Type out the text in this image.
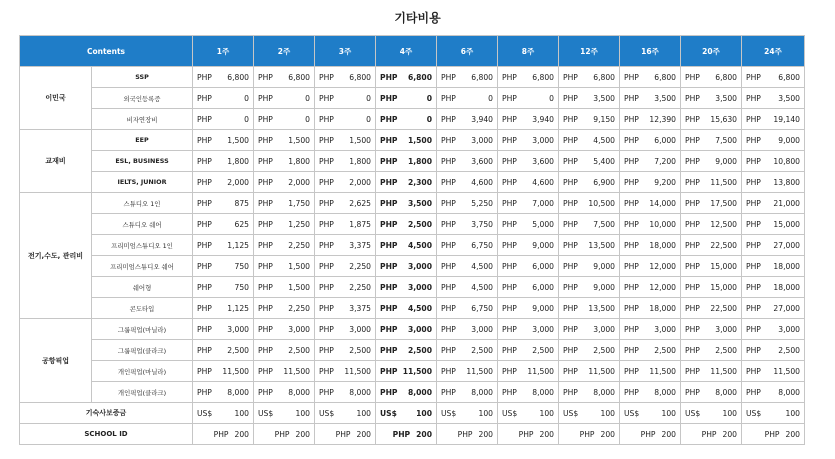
기타비용
Contents		1주	2주	3주	4주	6주	8주	12주	16주	20주	24주
이민국	SSP	PHP 6,800	PHP 6,800	PHP 6,800	PHP 6,800	PHP 6,800	PHP 6,800	PHP 6,800	PHP 6,800	PHP 6,800	PHP 6,800

	외국인등록증	PHP 0	PHP 0	PHP 0	PHP 0	PHP 0	PHP 0	PHP 3,500	PHP 3,500	PHP 3,500	PHP 3,500

	비자연장비	PHP 0	PHP 0	PHP 0	PHP 0	PHP 3,940	PHP 3,940	PHP 9,150	PHP 12,390	PHP 15,630	PHP 19,140

교재비	EEP	PHP 1,500	PHP 1,500	PHP 1,500	PHP 1,500	PHP 3,000	PHP 3,000	PHP 4,500	PHP 6,000	PHP 7,500	PHP 9,000

	ESL, BUSINESS	PHP 1,800	PHP 1,800	PHP 1,800	PHP 1,800	PHP 3,600	PHP 3,600	PHP 5,400	PHP 7,200	PHP 9,000	PHP 10,800

	IELTS, JUNIOR	PHP 2,000	PHP 2,000	PHP 2,000	PHP 2,300	PHP 4,600	PHP 4,600	PHP 6,900	PHP 9,200	PHP 11,500	PHP 13,800

전기,수도, 관리비	스튜디오 1인	PHP 875	PHP 1,750	PHP 2,625	PHP 3,500	PHP 5,250	PHP 7,000	PHP 10,500	PHP 14,000	PHP 17,500	PHP 21,000

	스튜디오 쉐어	PHP 625	PHP 1,250	PHP 1,875	PHP 2,500	PHP 3,750	PHP 5,000	PHP 7,500	PHP 10,000	PHP 12,500	PHP 15,000

	프리미엄스튜디오 1인	PHP 1,125	PHP 2,250	PHP 3,375	PHP 4,500	PHP 6,750	PHP 9,000	PHP 13,500	PHP 18,000	PHP 22,500	PHP 27,000

	프리미엄스튜디오 쉐어	PHP 750	PHP 1,500	PHP 2,250	PHP 3,000	PHP 4,500	PHP 6,000	PHP 9,000	PHP 12,000	PHP 15,000	PHP 18,000

	쉐어형	PHP 750	PHP 1,500	PHP 2,250	PHP 3,000	PHP 4,500	PHP 6,000	PHP 9,000	PHP 12,000	PHP 15,000	PHP 18,000

	콘도타입	PHP 1,125	PHP 2,250	PHP 3,375	PHP 4,500	PHP 6,750	PHP 9,000	PHP 13,500	PHP 18,000	PHP 22,500	PHP 27,000

공항픽업	그룹픽업(마닐라)	PHP 3,000	PHP 3,000	PHP 3,000	PHP 3,000	PHP 3,000	PHP 3,000	PHP 3,000	PHP 3,000	PHP 3,000	PHP 3,000

	그룹픽업(클라크)	PHP 2,500	PHP 2,500	PHP 2,500	PHP 2,500	PHP 2,500	PHP 2,500	PHP 2,500	PHP 2,500	PHP 2,500	PHP 2,500

	개인픽업(마닐라)	PHP 11,500	PHP 11,500	PHP 11,500	PHP 11,500	PHP 11,500	PHP 11,500	PHP 11,500	PHP 11,500	PHP 11,500	PHP 11,500

	개인픽업(클라크)	PHP 8,000	PHP 8,000	PHP 8,000	PHP 8,000	PHP 8,000	PHP 8,000	PHP 8,000	PHP 8,000	PHP 8,000	PHP 8,000

기숙사보증금		US$ 100	US$ 100	US$ 100	US$ 100	US$ 100	US$ 100	US$ 100	US$ 100	US$ 100	US$ 100

SCHOOL ID		PHP 200	PHP 200	PHP 200	PHP 200	PHP 200	PHP 200	PHP 200	PHP 200	PHP 200	PHP 200
